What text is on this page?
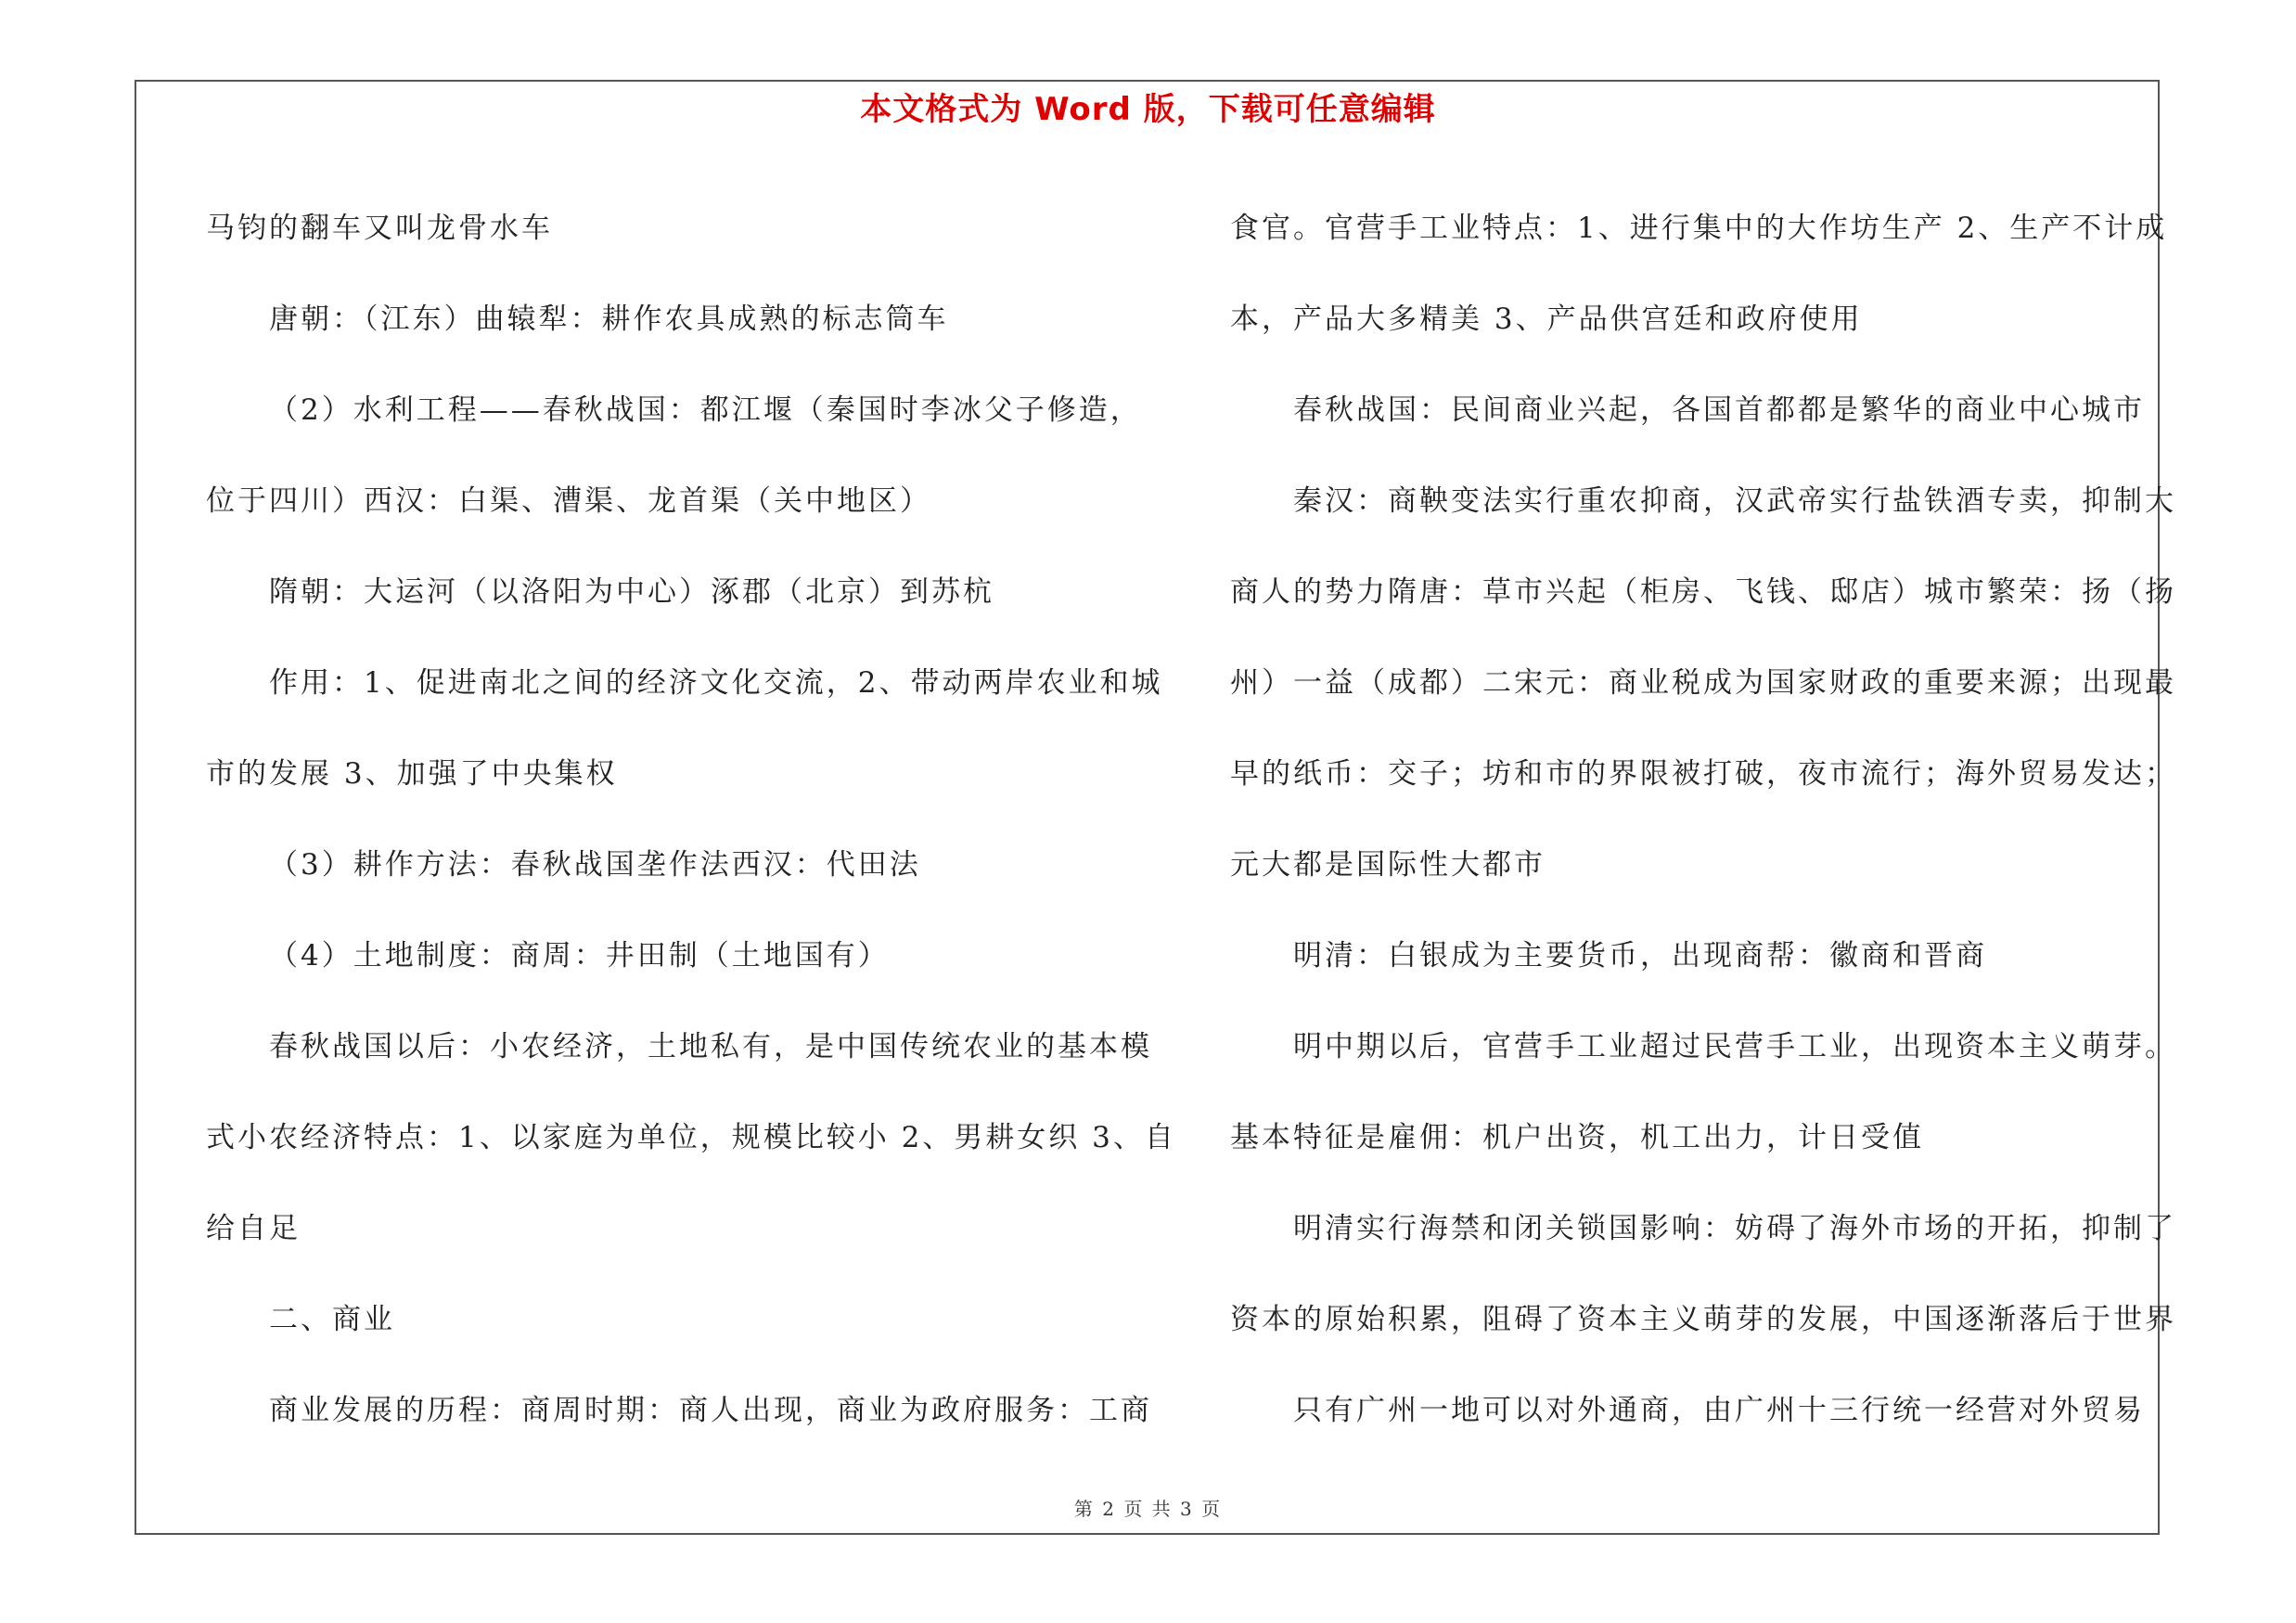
本文格式为 Word 版，下载可任意编辑

马钧的翻车又叫龙骨水车

唐朝：（江东）曲辕犁：耕作农具成熟的标志筒车

（2）水利工程——春秋战国：都江堰（秦国时李冰父子修造，

位于四川）西汉：白渠、漕渠、龙首渠（关中地区）

隋朝：大运河（以洛阳为中心）涿郡（北京）到苏杭

作用：1、促进南北之间的经济文化交流，2、带动两岸农业和城

市的发展 3、加强了中央集权

（3）耕作方法：春秋战国垄作法西汉：代田法

（4）土地制度：商周：井田制（土地国有）

春秋战国以后：小农经济，土地私有，是中国传统农业的基本模

式小农经济特点：1、以家庭为单位，规模比较小 2、男耕女织 3、自

给自足

二、商业

商业发展的历程：商周时期：商人出现，商业为政府服务：工商

食官。官营手工业特点：1、进行集中的大作坊生产 2、生产不计成

本，产品大多精美 3、产品供宫廷和政府使用

春秋战国：民间商业兴起，各国首都都是繁华的商业中心城市

秦汉：商鞅变法实行重农抑商，汉武帝实行盐铁酒专卖，抑制大

商人的势力隋唐：草市兴起（柜房、飞钱、邸店）城市繁荣：扬（扬

州）一益（成都）二宋元：商业税成为国家财政的重要来源；出现最

早的纸币：交子；坊和市的界限被打破，夜市流行；海外贸易发达；

元大都是国际性大都市

明清：白银成为主要货币，出现商帮：徽商和晋商

明中期以后，官营手工业超过民营手工业，出现资本主义萌芽。

基本特征是雇佣：机户出资，机工出力，计日受值

明清实行海禁和闭关锁国影响：妨碍了海外市场的开拓，抑制了

资本的原始积累，阻碍了资本主义萌芽的发展，中国逐渐落后于世界

只有广州一地可以对外通商，由广州十三行统一经营对外贸易

第 2 页 共 3 页
